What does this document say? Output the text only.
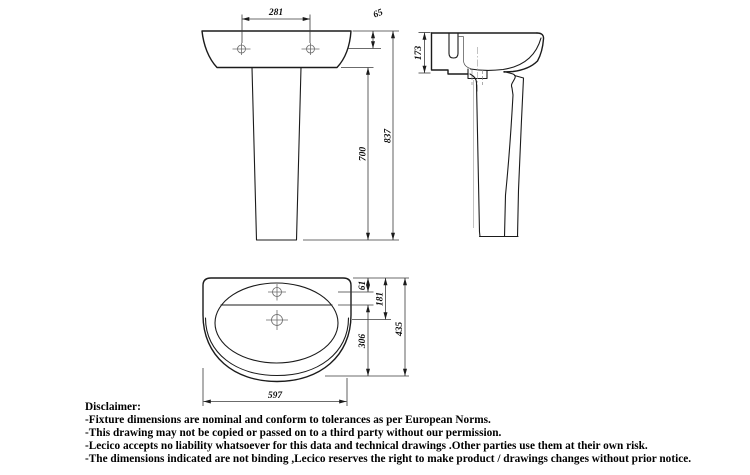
281	65
700
837
173
61
306
181
435
597
Disclaimer:
-Fixture dimensions are nominal and conform to tolerances as per European Norms.
-This drawing may not be copied or passed on to a third party without our permission.
-Lecico accepts no liability whatsoever for this data and technical drawings .Other parties use them at their own risk.
-The dimensions indicated are not binding ,Lecico reserves the right to make product / drawings changes without prior notice.
